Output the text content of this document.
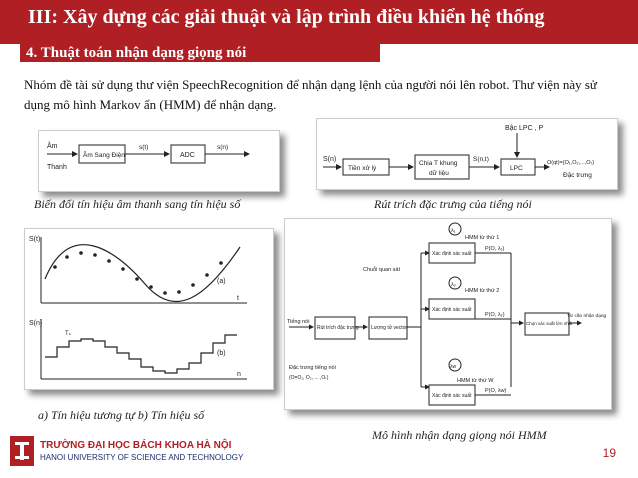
III: Xây dựng các giải thuật và lập trình điều khiển hệ thống
4. Thuật toán nhận dạng giọng nói
Nhóm đề tài sử dụng thư viện SpeechRecognition để nhận dạng lệnh của người nói lên robot. Thư viện này sử dụng mô hình Markov ẩn (HMM) để nhận dạng.
Âm
Thanh
Âm Sang Điện
s(t)
ADC
s(n)
Biến đổi tín hiệu âm thanh sang tín hiệu số
Bậc LPC , P
S(n)
Tiền xử lý
Chia T khung
dữ liệu
S(n,t)
LPC
O(qt)={O₁,O₂,...,Oₜ}
Đặc trưng
Rút trích đặc trưng của tiếng nói
S(t)
t
(a)
S(n)
n
(b)
Tₛ
a) Tín hiệu tương tự b) Tín hiệu số
λ₁
HMM từ thứ 1
Xác định xác suất
P(O, λ₁)
Chuỗi quan sát
λ₂
HMM từ thứ 2
Xác định xác suất
P(O, λ₂)
Tiếng nói
Rút trích đặc trưng Lượng tử vector
Chọn xác suất lớn nhất
Từ cần nhận dạng
Đặc trưng tiếng nói
(O=O₁, O₂, ... ,Oₜ)
λw
HMM từ thứ W
Xác định xác suất
P(O, λw)
Mô hình nhận dạng giọng nói HMM
TRƯỜNG ĐẠI HỌC BÁCH KHOA HÀ NỘI
HANOI UNIVERSITY OF SCIENCE AND TECHNOLOGY	19
